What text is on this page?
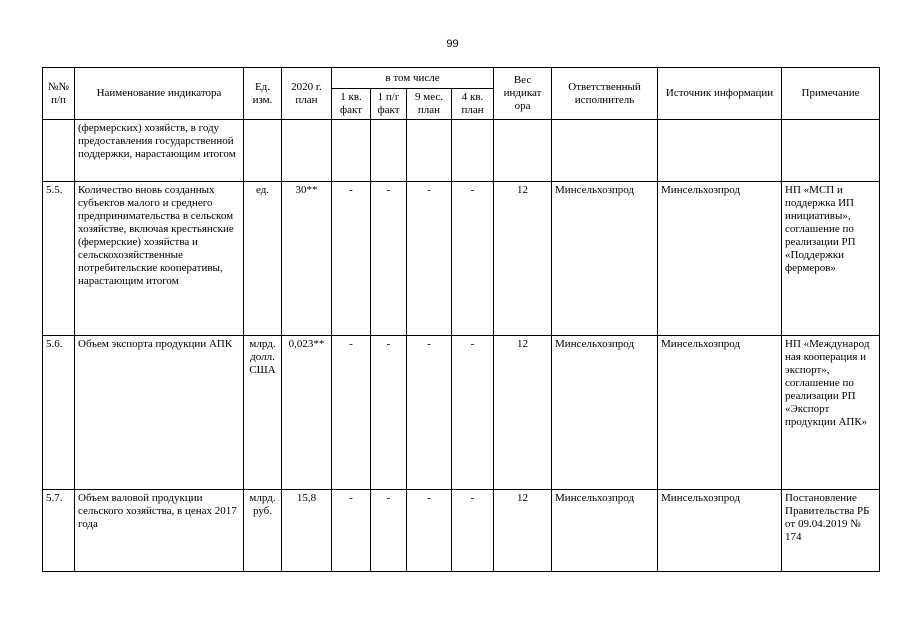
99
№№ п/п	Наименование индикатора	Ед. изм.	2020 г. план	в том числе				Вес индикат ора	Ответственный исполнитель	Источник информации	Примечание
				1 кв. факт	1 п/г факт	9 мес. план	4 кв. план				
	(фермерских) хозяйств, в году предоставления государственной поддержки, нарастающим итогом										
5.5.	Количество вновь созданных субъектов малого и среднего предпринимательства в сельском хозяйстве, включая крестьянские (фермерские) хозяйства и сельскохозяйственные потребительские кооперативы, нарастающим итогом	ед.	30**	-	-	-	-	12	Минсельхозпрод	Минсельхозпрод	НП «МСП и поддержка ИП инициативы», соглашение по реализации РП «Поддержки фермеров»
5.6.	Объем экспорта продукции АПК	млрд. долл. США	0,023**	-	-	-	-	12	Минсельхозпрод	Минсельхозпрод	НП «Международ ная кооперация и экспорт», соглашение по реализации РП «Экспорт продукции АПК»
5.7.	Объем валовой продукции сельского хозяйства, в ценах 2017 года	млрд. руб.	15,8	-	-	-	-	12	Минсельхозпрод	Минсельхозпрод	Постановление Правительства РБ от 09.04.2019 № 174
